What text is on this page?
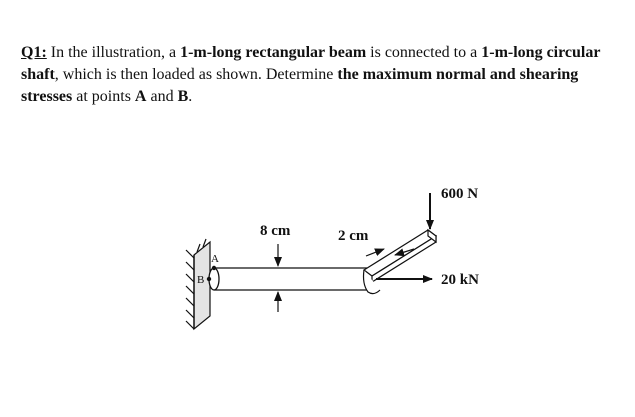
Q1: In the illustration, a 1-m-long rectangular beam is connected to a 1-m-long circular shaft, which is then loaded as shown. Determine the maximum normal and shearing stresses at points A and B.
8 cm	2 cm
600 N
20 kN
A
B
